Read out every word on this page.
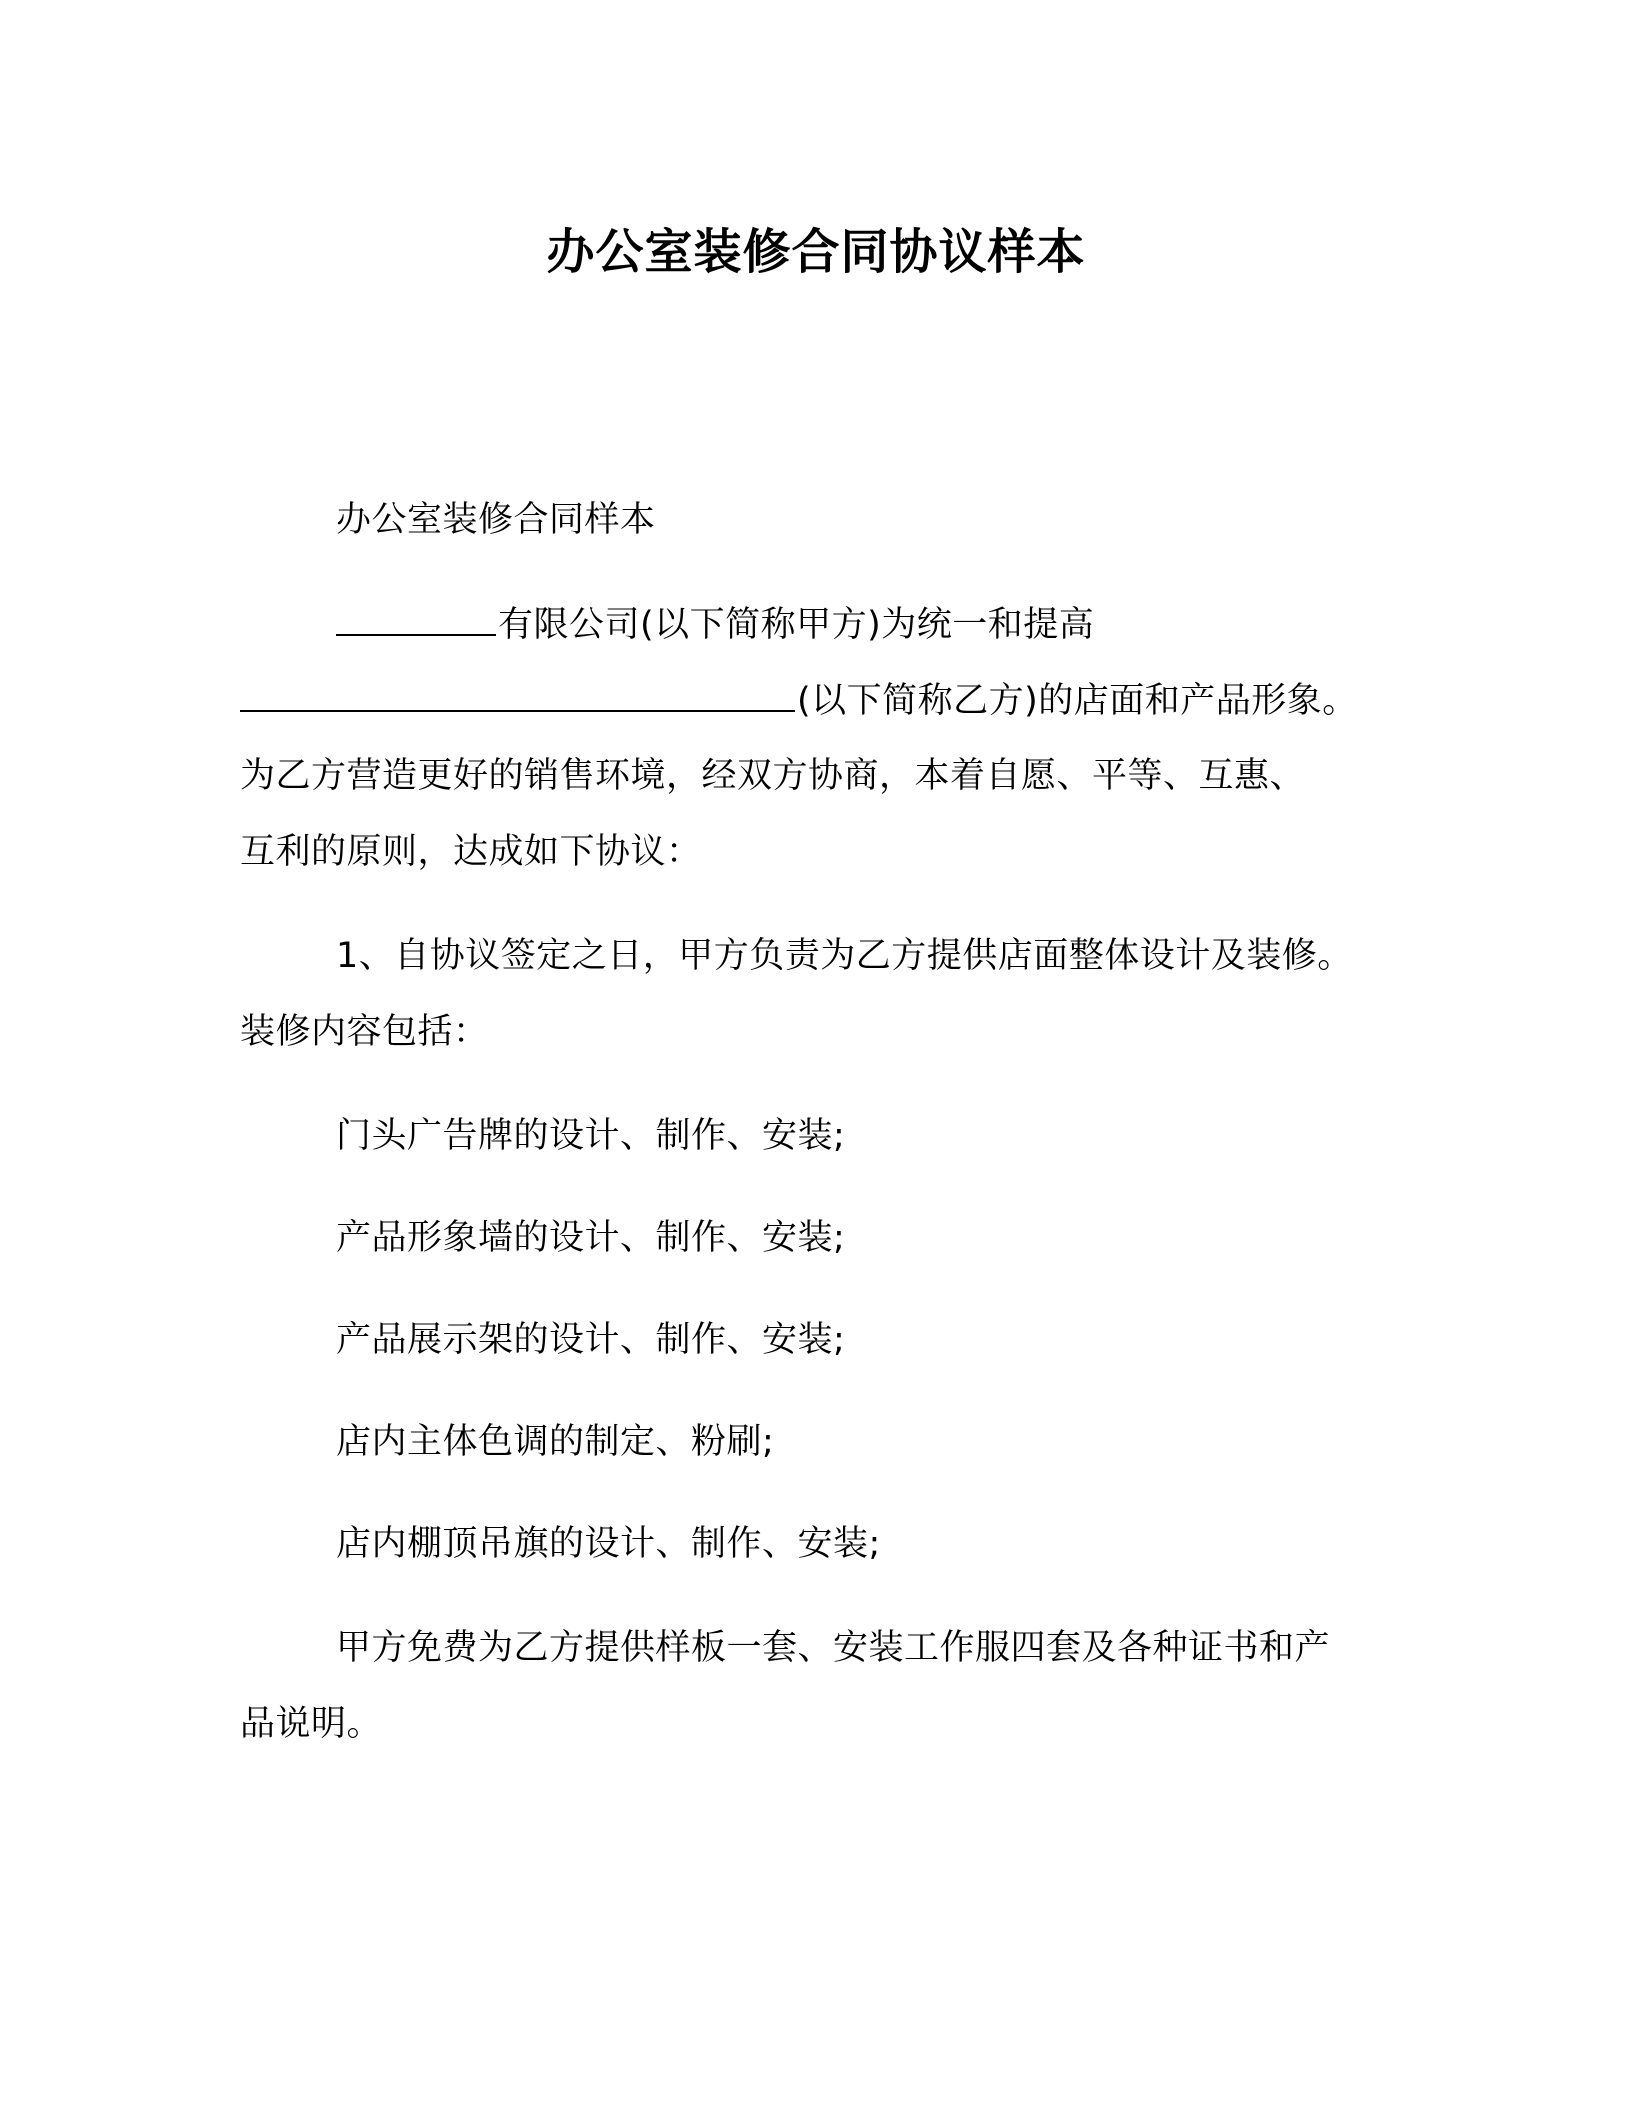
办公室装修合同协议样本
办公室装修合同样本
有限公司(以下简称甲方)为统一和提高
(以下简称乙方)的店面和产品形象。
为乙方营造更好的销售环境，经双方协商，本着自愿、平等、互惠、
互利的原则，达成如下协议：
1、自协议签定之日，甲方负责为乙方提供店面整体设计及装修。
装修内容包括：
门头广告牌的设计、制作、安装;
产品形象墙的设计、制作、安装;
产品展示架的设计、制作、安装;
店内主体色调的制定、粉刷;
店内棚顶吊旗的设计、制作、安装;
甲方免费为乙方提供样板一套、安装工作服四套及各种证书和产
品说明。
